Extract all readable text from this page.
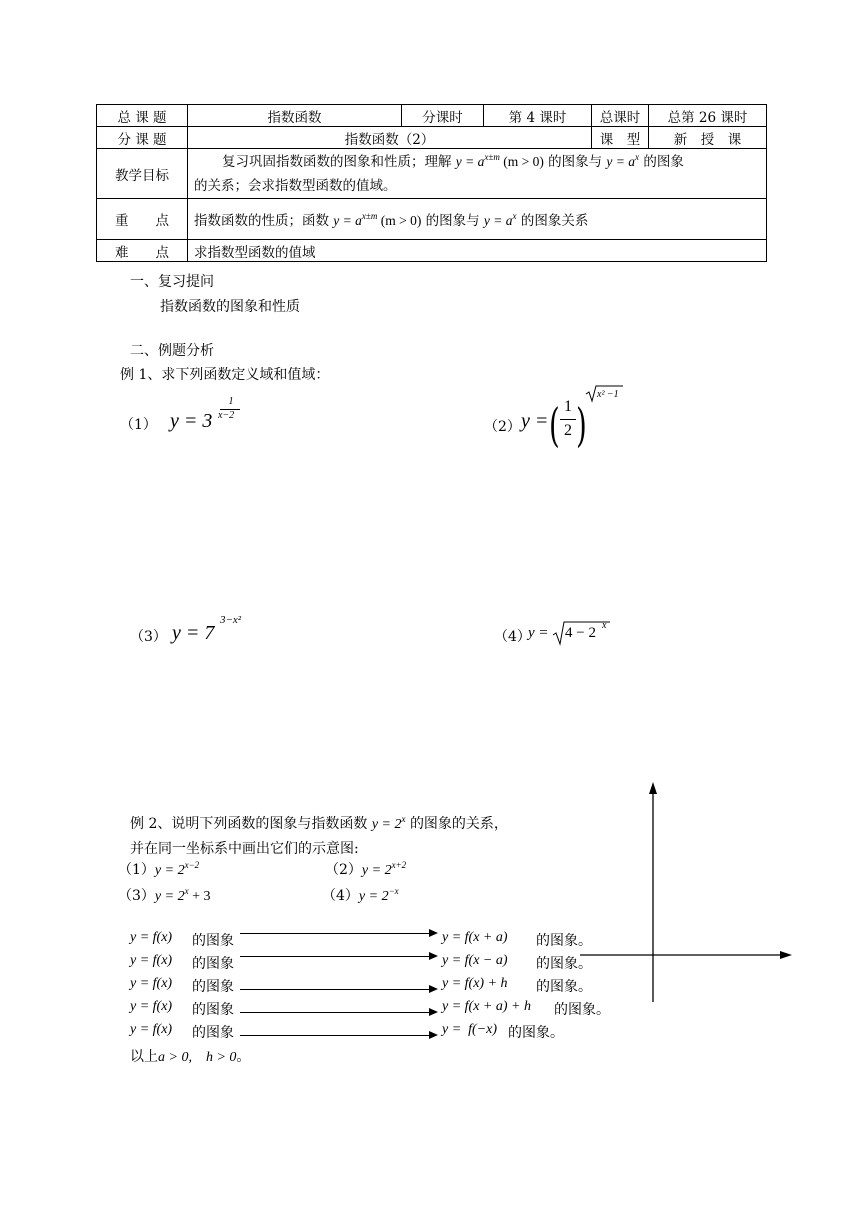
总 课 题	指数函数	分课时	第 4 课时	总课时	总第 26 课时
分 课 题	指数函数（2）			课　型	新　授　课
教学目标	复习巩固指数函数的图象和性质；理解 $y = a^{x\pm m}$ (m > 0) 的图象与 $y = a^x$ 的图象
的关系；会求指数型函数的值域。				
重　　点	指数函数的性质；函数 $y = a^{x\pm m}$ (m > 0) 的图象与 $y = a^x$ 的图象关系				
难　　点	求指数型函数的值域				
一、复习提问
指数函数的图象和性质
二、例题分析
例 1、求下列函数定义域和值域：
（1） y = 3
1
x−2
（2） y = ( 1
2 )
x² −1
（3） y = 7
3−x²
（4）
y = 4 − 2 x
例 2、说明下列函数的图象与指数函数 $y = 2^x$ 的图象的关系，
并在同一坐标系中画出它们的示意图:
$(1)y = 2^{x-2}$	$(2)y = 2^{x+2}$
$(3)y = 2^x + 3$	$(4)y = 2^{-x}$
y = f(x) 的图象	y = f(x + a) 　的图象。
y = f(x) 的图象	y = f(x − a) 　的图象。
y = f(x) 的图象	y = f(x) + h 　的图象。
y = f(x) 的图象	y = f(x + a) + h 的图象。
y = f(x) 的图象	y =  f(−x) 的图象。
以上a > 0,　h > 0。
